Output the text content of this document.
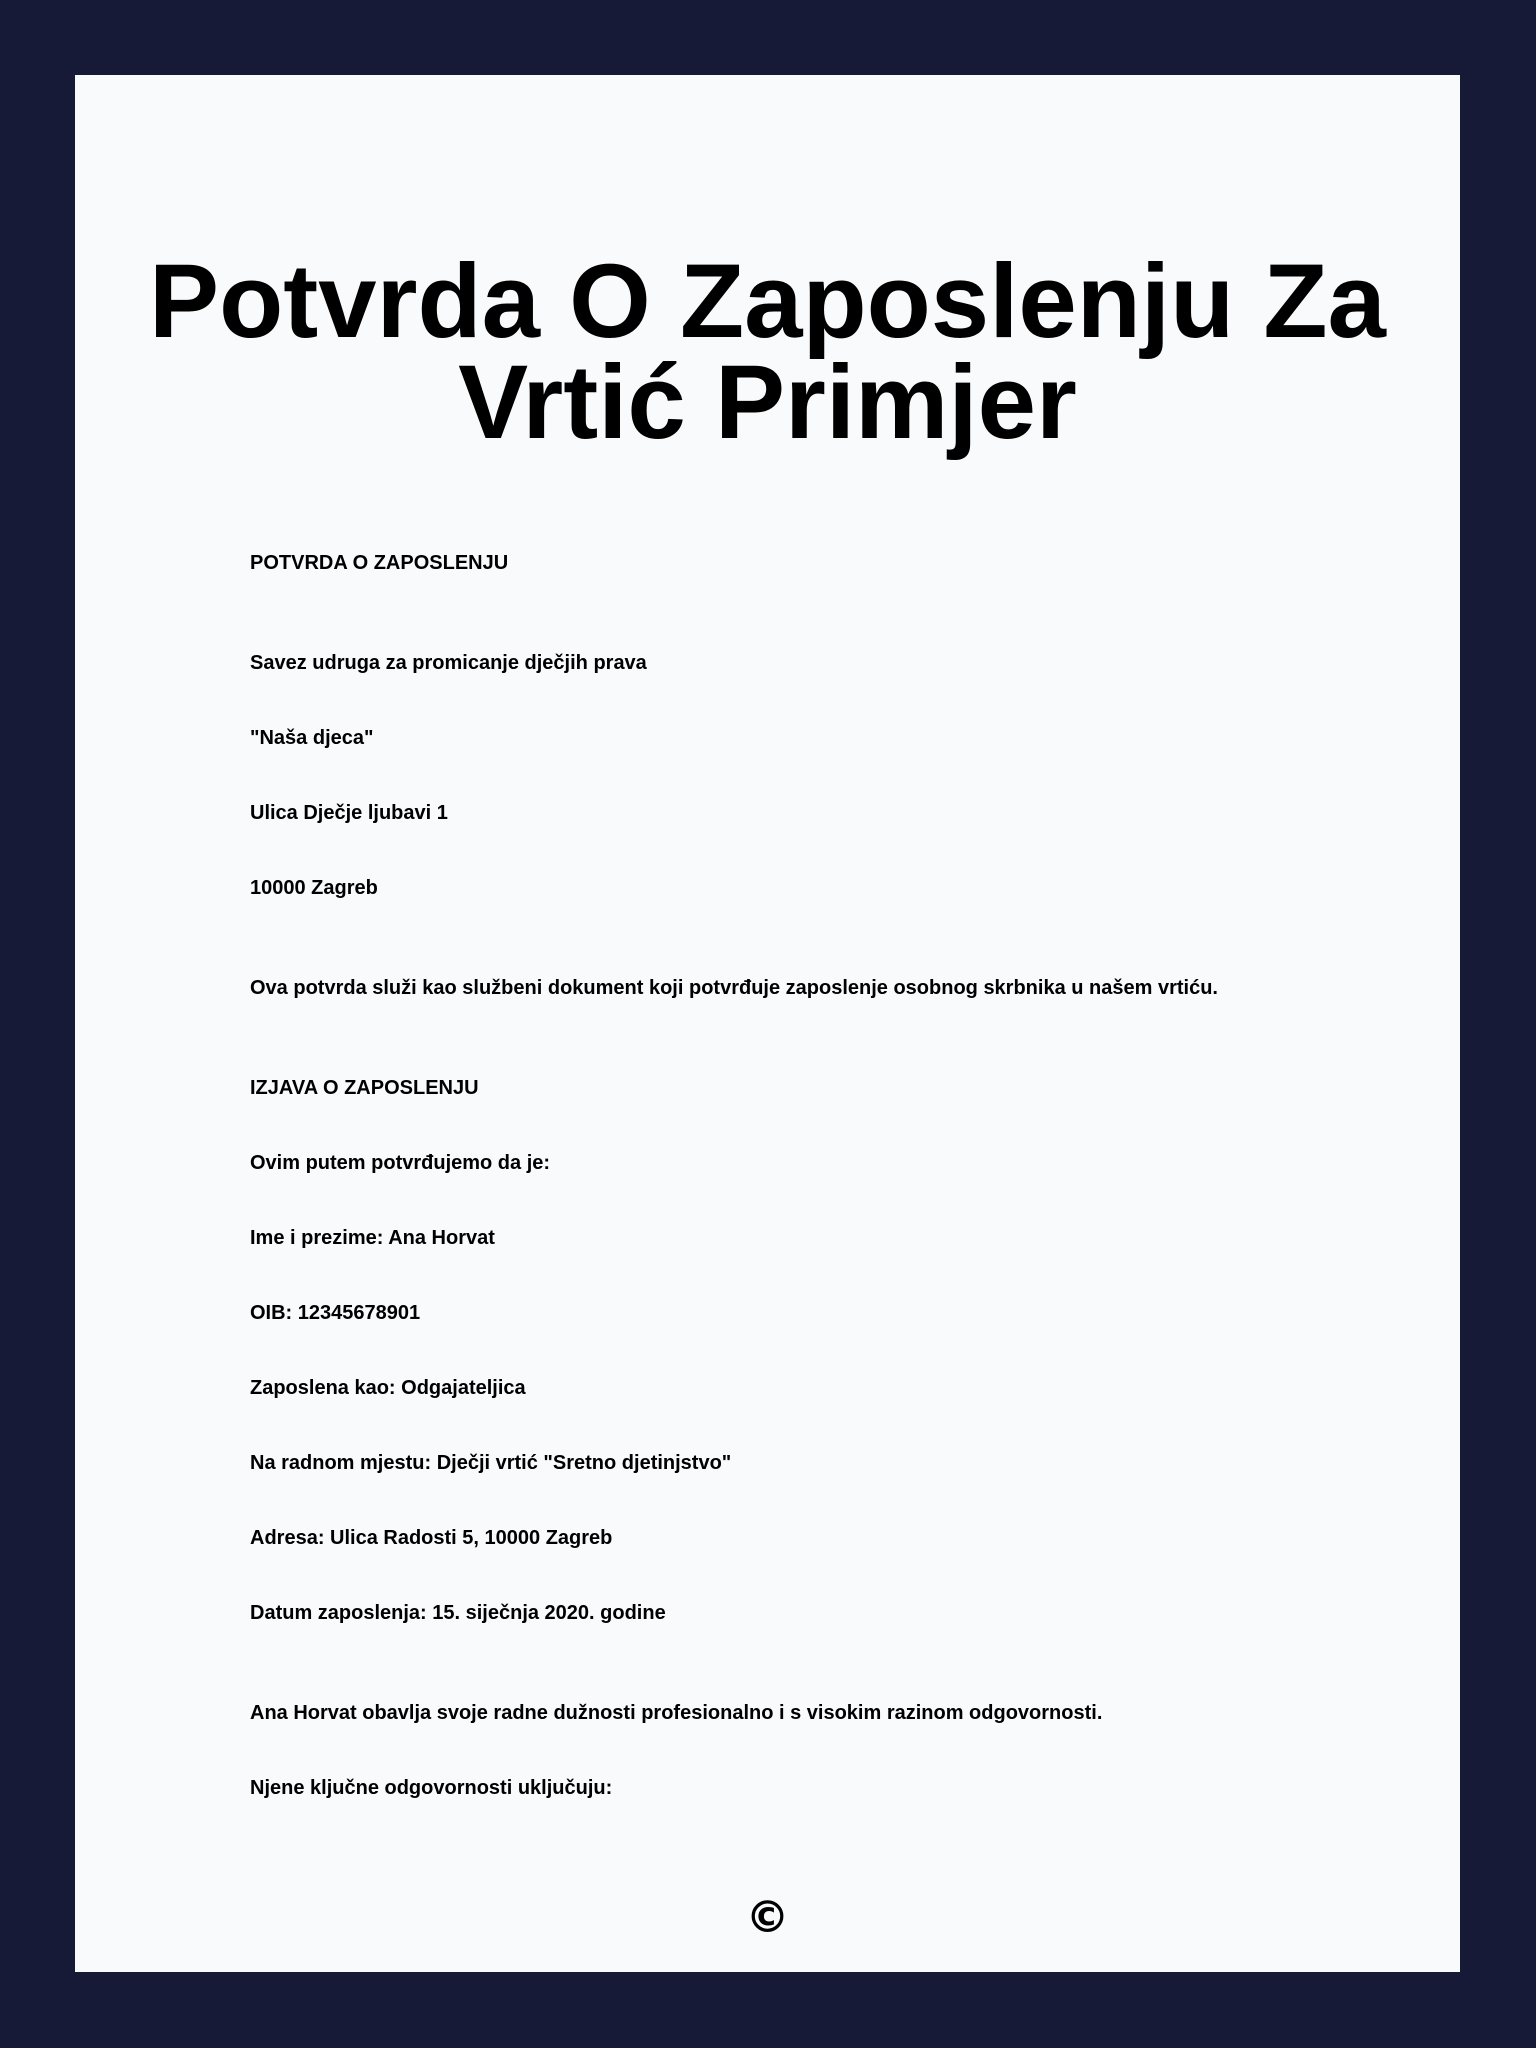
Potvrda O Zaposlenju Za Vrtić Primjer

POTVRDA O ZAPOSLENJU

Savez udruga za promicanje dječjih prava

"Naša djeca"

Ulica Dječje ljubavi 1

10000 Zagreb

Ova potvrda služi kao službeni dokument koji potvrđuje zaposlenje osobnog skrbnika u našem vrtiću.

IZJAVA O ZAPOSLENJU

Ovim putem potvrđujemo da je:

Ime i prezime: Ana Horvat

OIB: 12345678901

Zaposlena kao: Odgajateljica

Na radnom mjestu: Dječji vrtić "Sretno djetinjstvo"

Adresa: Ulica Radosti 5, 10000 Zagreb

Datum zaposlenja: 15. siječnja 2020. godine

Ana Horvat obavlja svoje radne dužnosti profesionalno i s visokim razinom odgovornosti.

Njene ključne odgovornosti uključuju:

©
